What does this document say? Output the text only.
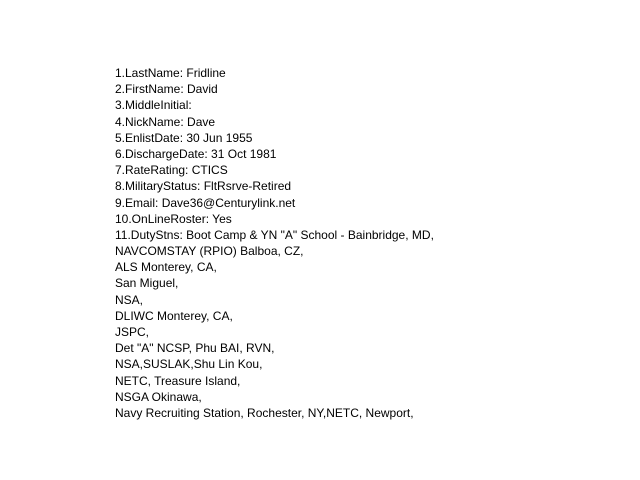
1.LastName: Fridline
2.FirstName: David
3.MiddleInitial:
4.NickName: Dave
5.EnlistDate: 30 Jun 1955
6.DischargeDate: 31 Oct 1981
7.RateRating: CTICS
8.MilitaryStatus: FltRsrve-Retired
9.Email: Dave36@Centurylink.net
10.OnLineRoster: Yes
11.DutyStns: Boot Camp & YN "A" School - Bainbridge, MD,
NAVCOMSTAY (RPIO) Balboa, CZ,
ALS Monterey, CA,
San Miguel,
NSA,
DLIWC Monterey, CA,
JSPC,
Det "A" NCSP, Phu BAI, RVN,
NSA,SUSLAK,Shu Lin Kou,
NETC, Treasure Island,
NSGA Okinawa,
Navy Recruiting Station, Rochester, NY,NETC, Newport,
